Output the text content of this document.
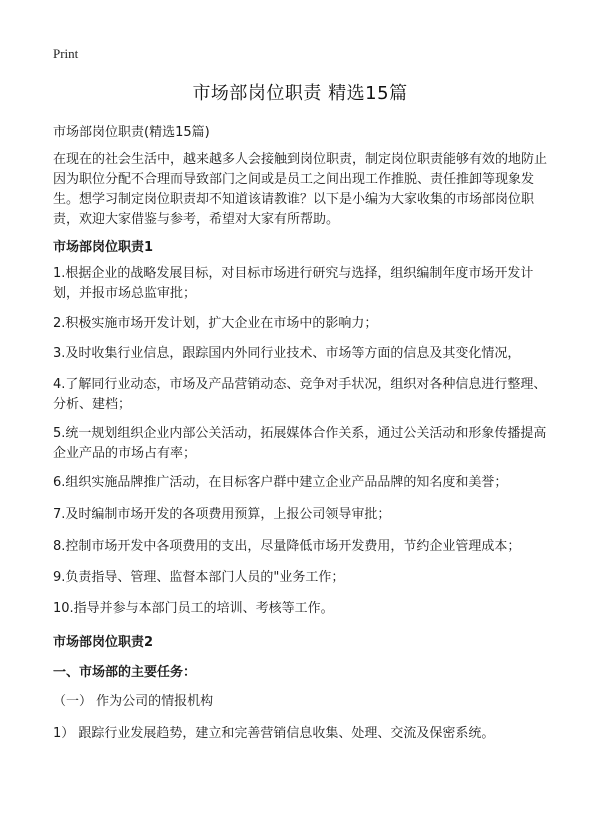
Print
市场部岗位职责 精选15篇
市场部岗位职责(精选15篇)

在现在的社会生活中，越来越多人会接触到岗位职责，制定岗位职责能够有效的地防止因为职位分配不合理而导致部门之间或是员工之间出现工作推脱、责任推卸等现象发生。想学习制定岗位职责却不知道该请教谁？以下是小编为大家收集的市场部岗位职责，欢迎大家借鉴与参考，希望对大家有所帮助。

市场部岗位职责1

1.根据企业的战略发展目标，对目标市场进行研究与选择，组织编制年度市场开发计划，并报市场总监审批；

2.积极实施市场开发计划，扩大企业在市场中的影响力；

3.及时收集行业信息，跟踪国内外同行业技术、市场等方面的信息及其变化情况，

4.了解同行业动态，市场及产品营销动态、竞争对手状况，组织对各种信息进行整理、分析、建档；

5.统一规划组织企业内部公关活动，拓展媒体合作关系，通过公关活动和形象传播提高企业产品的市场占有率；

6.组织实施品牌推广活动，在目标客户群中建立企业产品品牌的知名度和美誉；

7.及时编制市场开发的各项费用预算，上报公司领导审批；

8.控制市场开发中各项费用的支出，尽量降低市场开发费用，节约企业管理成本；

9.负责指导、管理、监督本部门人员的"业务工作；

10.指导并参与本部门员工的培训、考核等工作。

市场部岗位职责2
一、市场部的主要任务：

（一） 作为公司的情报机构

1） 跟踪行业发展趋势，建立和完善营销信息收集、处理、交流及保密系统。
